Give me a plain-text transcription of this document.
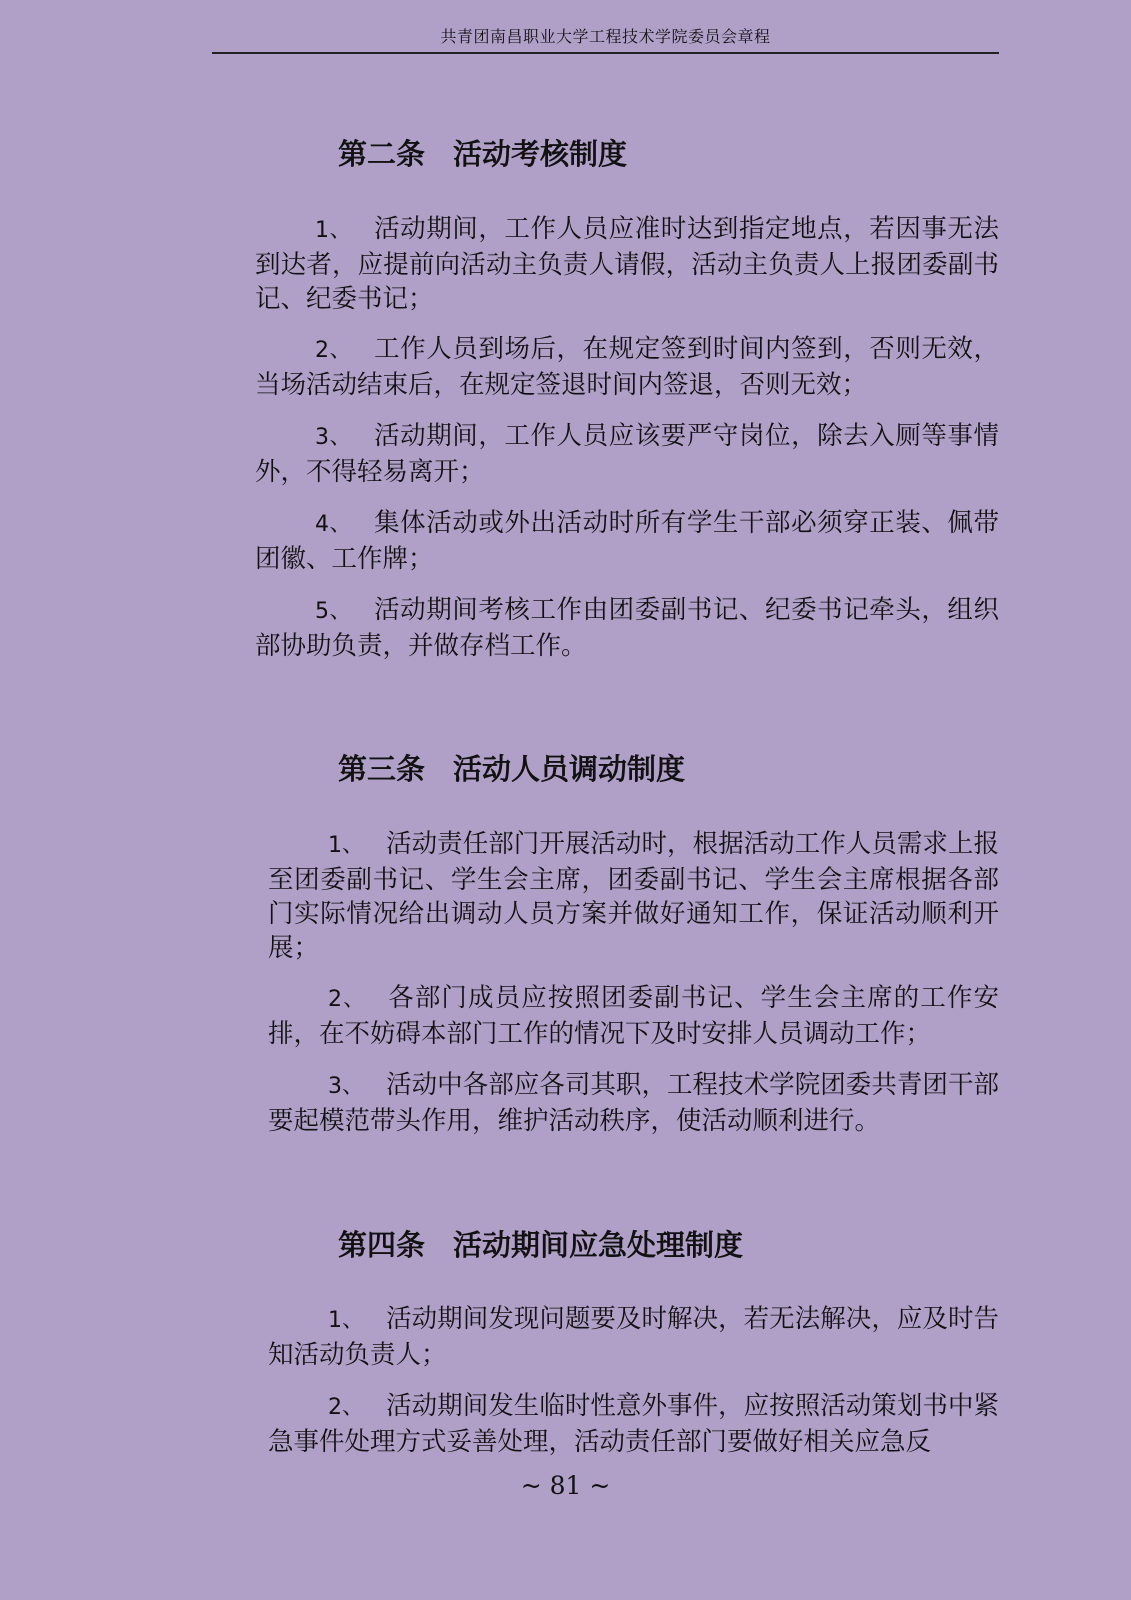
共青团南昌职业大学工程技术学院委员会章程
第二条 活动考核制度
1、 活动期间，工作人员应准时达到指定地点，若因事无法到达者，应提前向活动主负责人请假，活动主负责人上报团委副书记、纪委书记；
2、 工作人员到场后，在规定签到时间内签到，否则无效，当场活动结束后，在规定签退时间内签退，否则无效；
3、 活动期间，工作人员应该要严守岗位，除去入厕等事情外，不得轻易离开；
4、 集体活动或外出活动时所有学生干部必须穿正装、佩带团徽、工作牌；
5、 活动期间考核工作由团委副书记、纪委书记牵头，组织部协助负责，并做存档工作。
第三条 活动人员调动制度
1、 活动责任部门开展活动时，根据活动工作人员需求上报至团委副书记、学生会主席，团委副书记、学生会主席根据各部门实际情况给出调动人员方案并做好通知工作，保证活动顺利开展；
2、 各部门成员应按照团委副书记、学生会主席的工作安排，在不妨碍本部门工作的情况下及时安排人员调动工作；
3、 活动中各部应各司其职，工程技术学院团委共青团干部要起模范带头作用，维护活动秩序，使活动顺利进行。
第四条 活动期间应急处理制度
1、 活动期间发现问题要及时解决，若无法解决，应及时告知活动负责人；
2、 活动期间发生临时性意外事件，应按照活动策划书中紧急事件处理方式妥善处理，活动责任部门要做好相关应急反
~ 81 ~
